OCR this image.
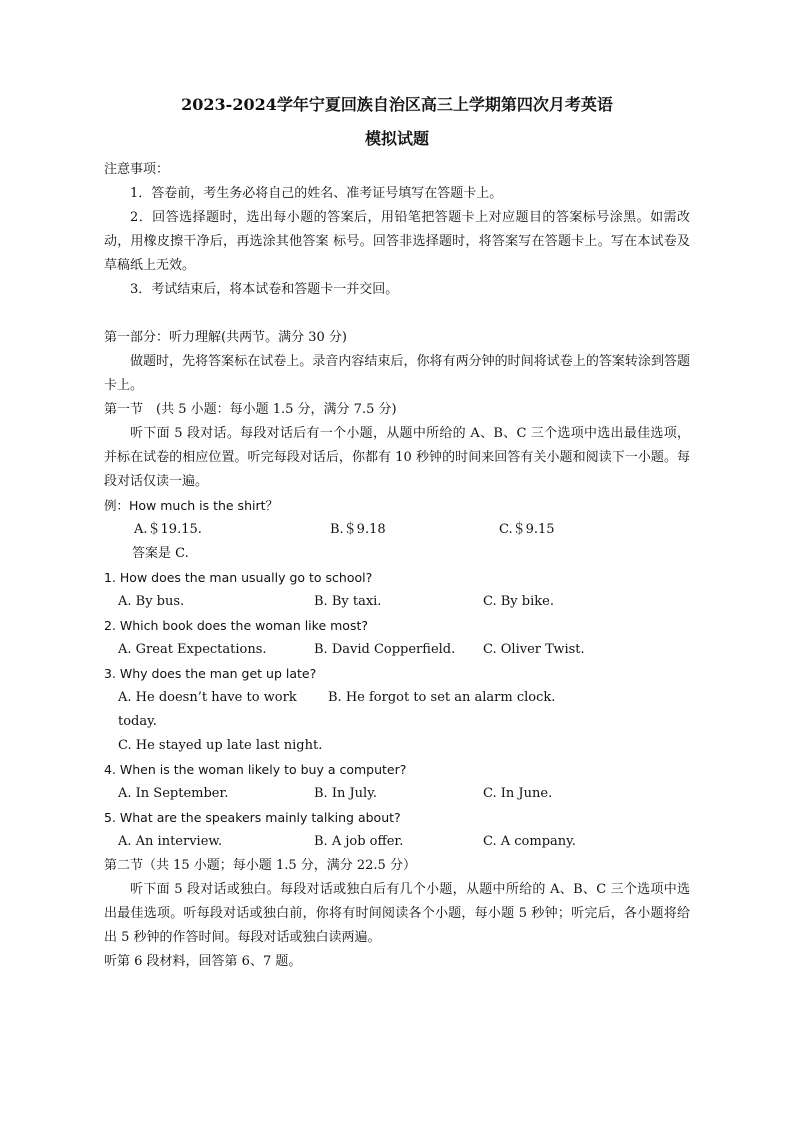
2023-2024学年宁夏回族自治区高三上学期第四次月考英语
模拟试题

注意事项：

1．答卷前，考生务必将自己的姓名、准考证号填写在答题卡上。

2．回答选择题时，选出每小题的答案后，用铅笔把答题卡上对应题目的答案标号涂黑。如需改动，用橡皮擦干净后，再选涂其他答案 标号。回答非选择题时，将答案写在答题卡上。写在本试卷及草稿纸上无效。

3．考试结束后，将本试卷和答题卡一并交回。

第一部分：听力理解(共两节。满分 30 分)

做题时，先将答案标在试卷上。录音内容结束后，你将有两分钟的时间将试卷上的答案转涂到答题卡上。

第一节　(共 5 小题：每小题 1.5 分，满分 7.5 分)

听下面 5 段对话。每段对话后有一个小题，从题中所给的 A、B、C 三个选项中选出最佳选项，并标在试卷的相应位置。听完每段对话后，你都有 10 秒钟的时间来回答有关小题和阅读下一小题。每段对话仅读一遍。

例：How much is the shirt？

A.＄19.15.	B.＄9.18	C.＄9.15

答案是 C.

1. How does the man usually go to school?

A. By bus.	B. By taxi.	C. By bike.

2. Which book does the woman like most?

A. Great Expectations.	B. David Copperfield.	C. Oliver Twist.

3. Why does the man get up late?

A. He doesn’t have to work today.
B. He forgot to set an alarm clock.

C. He stayed up late last night.

4. When is the woman likely to buy a computer?

A. In September.	B. In July.	C. In June.

5. What are the speakers mainly talking about?

A. An interview.	B. A job offer.	C. A company.

第二节（共 15 小题；每小题 1.5 分，满分 22.5 分）

听下面 5 段对话或独白。每段对话或独白后有几个小题，从题中所给的 A、B、C 三个选项中选出最佳选项。听每段对话或独白前，你将有时间阅读各个小题，每小题 5 秒钟；听完后，各小题将给出 5 秒钟的作答时间。每段对话或独白读两遍。

听第 6 段材料，回答第 6、7 题。
